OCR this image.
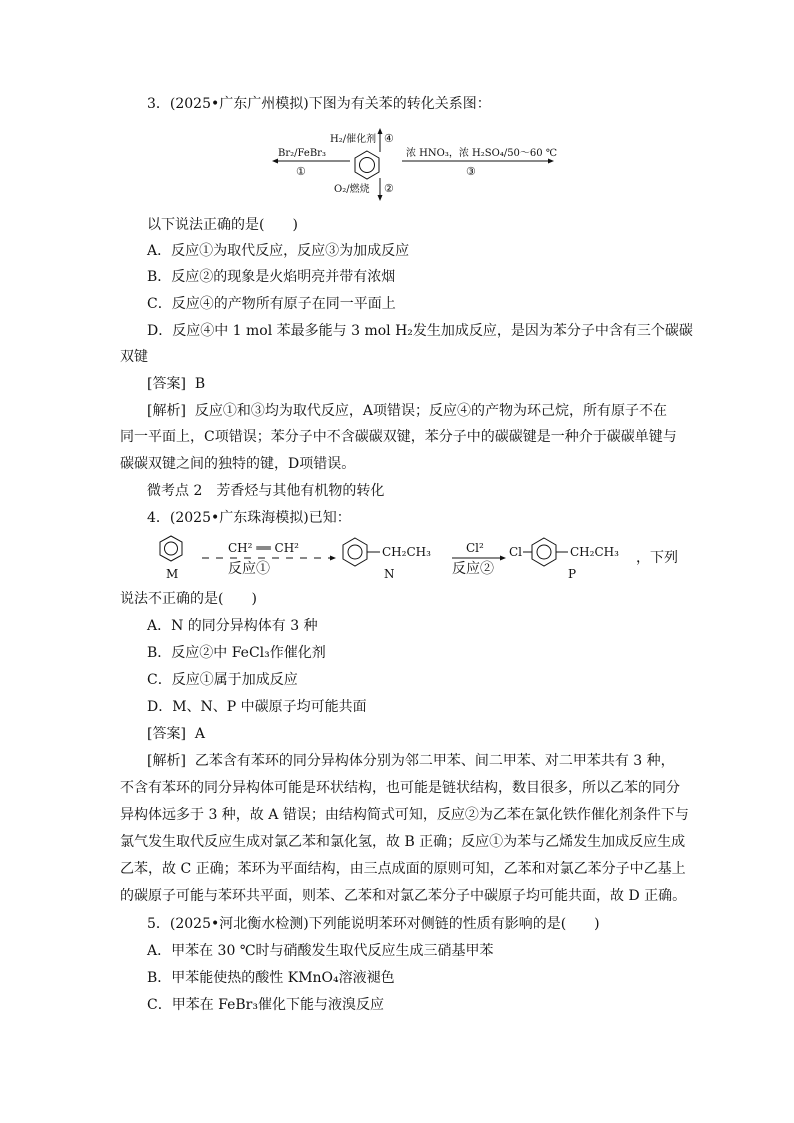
3．(2025•广东广州模拟)下图为有关苯的转化关系图：
H₂/催化剂 ④
Br₂/FeBr₃
①
浓 HNO₃，浓 H₂SO₄/50～60 ℃
③
O₂/燃烧 ②
以下说法正确的是(　　)
A．反应①为取代反应，反应③为加成反应
B．反应②的现象是火焰明亮并带有浓烟
C．反应④的产物所有原子在同一平面上
D．反应④中 1 mol 苯最多能与 3 mol H₂发生加成反应，是因为苯分子中含有三个碳碳
双键
[答案] B
[解析] 反应①和③均为取代反应，A项错误；反应④的产物为环己烷，所有原子不在
同一平面上，C项错误；苯分子中不含碳碳双键，苯分子中的碳碳键是一种介于碳碳单键与
碳碳双键之间的独特的键，D项错误。
微考点 2　芳香烃与其他有机物的转化
4．(2025•广东珠海模拟)已知：
M
CH² ══ CH²
反应①
CH₂CH₃
N
Cl²
反应②
Cl	CH₂CH₃
P
，下列
说法不正确的是(　　)
A．N 的同分异构体有 3 种
B．反应②中 FeCl₃作催化剂
C．反应①属于加成反应
D．M、N、P 中碳原子均可能共面
[答案] A
[解析] 乙苯含有苯环的同分异构体分别为邻二甲苯、间二甲苯、对二甲苯共有 3 种，
不含有苯环的同分异构体可能是环状结构，也可能是链状结构，数目很多，所以乙苯的同分
异构体远多于 3 种，故 A 错误；由结构简式可知，反应②为乙苯在氯化铁作催化剂条件下与
氯气发生取代反应生成对氯乙苯和氯化氢，故 B 正确；反应①为苯与乙烯发生加成反应生成
乙苯，故 C 正确；苯环为平面结构，由三点成面的原则可知，乙苯和对氯乙苯分子中乙基上
的碳原子可能与苯环共平面，则苯、乙苯和对氯乙苯分子中碳原子均可能共面，故 D 正确。
5．(2025•河北衡水检测)下列能说明苯环对侧链的性质有影响的是(　　)
A．甲苯在 30 ℃时与硝酸发生取代反应生成三硝基甲苯
B．甲苯能使热的酸性 KMnO₄溶液褪色
C．甲苯在 FeBr₃催化下能与液溴反应
